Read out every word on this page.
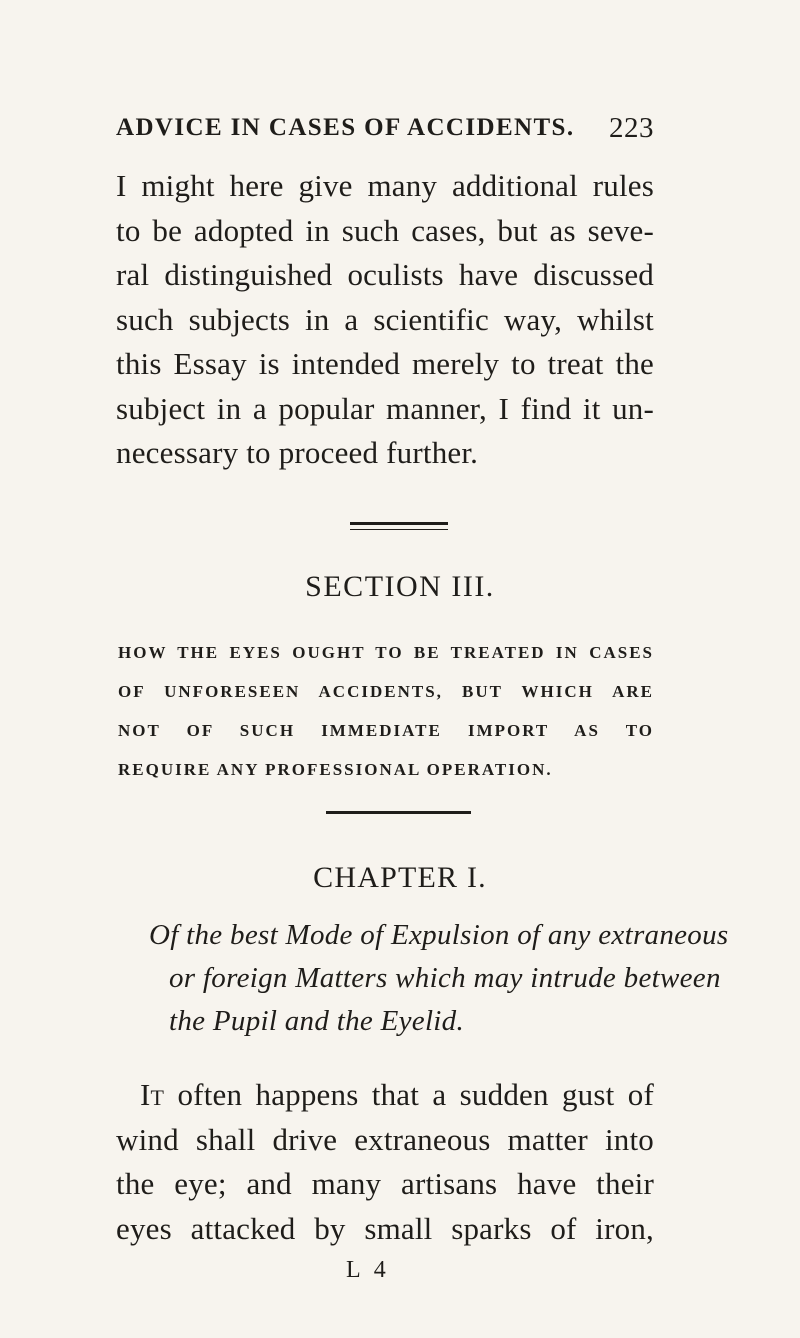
ADVICE IN CASES OF ACCIDENTS. 223
I might here give many additional rules
to be adopted in such cases, but as seve-
ral distinguished oculists have discussed
such subjects in a scientific way, whilst
this Essay is intended merely to treat the
subject in a popular manner, I find it un-
necessary to proceed further.
SECTION III.
HOW THE EYES OUGHT TO BE TREATED IN CASES
OF UNFORESEEN ACCIDENTS, BUT WHICH ARE
NOT OF SUCH IMMEDIATE IMPORT AS TO
REQUIRE ANY PROFESSIONAL OPERATION.
CHAPTER I.
Of the best Mode of Expulsion of any extraneous
or foreign Matters which may intrude between
the Pupil and the Eyelid.
It often happens that a sudden gust of
wind shall drive extraneous matter into
the eye; and many artisans have their
eyes attacked by small sparks of iron,
L 4
